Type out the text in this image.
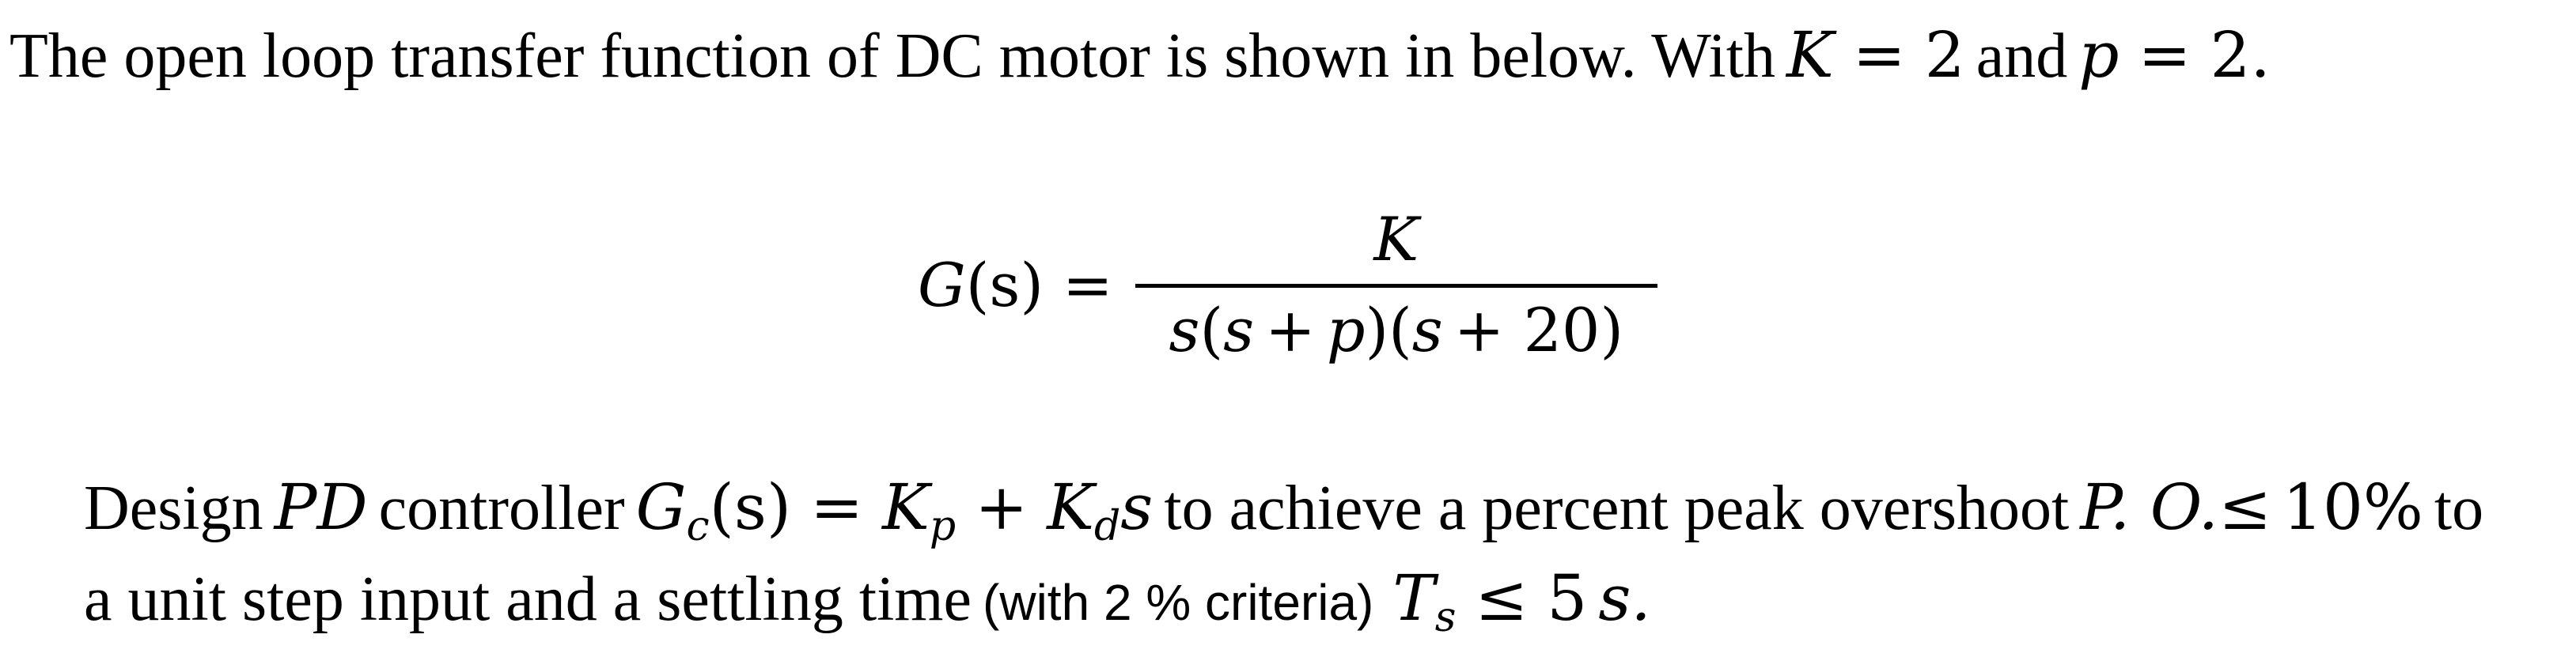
The open loop transfer function of DC motor is shown in below. With K = 2 and p = 2.
G(s) =
K
s(s + p)(s + 20)
Design PD controller $G_c(s) = K_p + K_ds$ to achieve a percent peak overshoot P. O.≤ 10% to
a unit step input and a settling time (with 2 % criteria) $T_s \le 5$ s.
